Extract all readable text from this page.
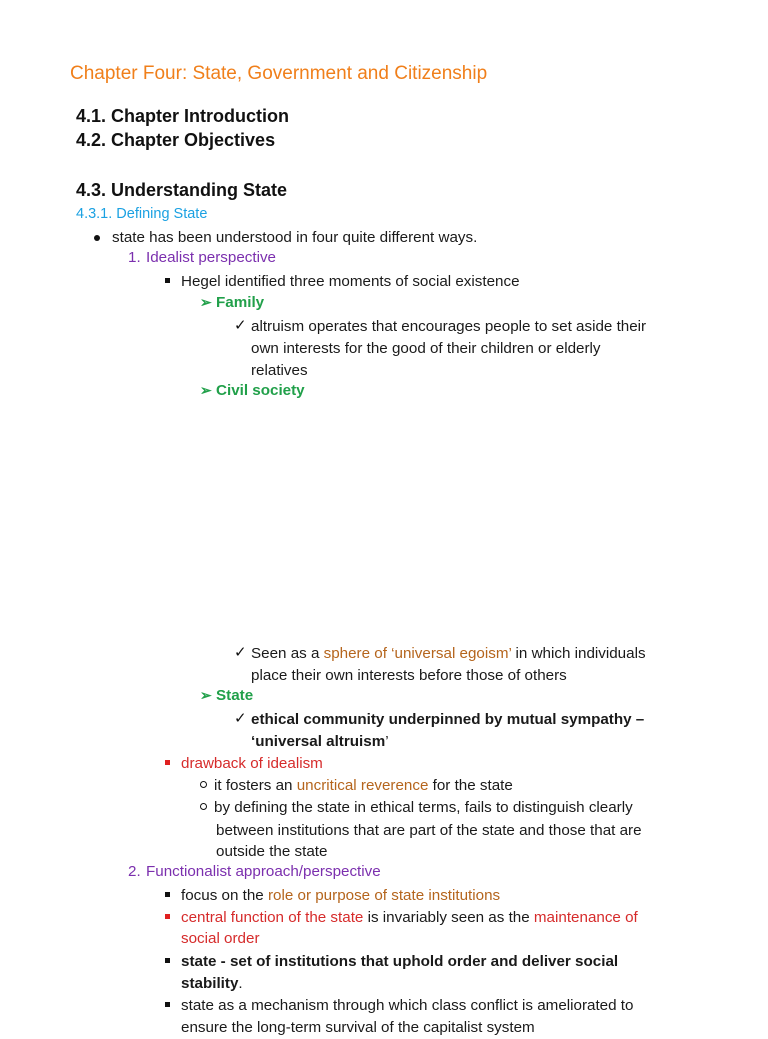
Chapter Four: State, Government and Citizenship
4.1. Chapter Introduction
4.2. Chapter Objectives
4.3. Understanding State
4.3.1. Defining State
state has been understood in four quite different ways.
1. Idealist perspective
Hegel identified three moments of social existence
➢ Family
✓ altruism operates that encourages people to set aside their
own interests for the good of their children or elderly
relatives
➢ Civil society
✓ Seen as a sphere of ‘universal egoism’ in which individuals
place their own interests before those of others
➢ State
✓ ethical community underpinned by mutual sympathy –
‘universal altruism’
drawback of idealism
it fosters an uncritical reverence for the state
by defining the state in ethical terms, fails to distinguish clearly
between institutions that are part of the state and those that are
outside the state
2. Functionalist approach/perspective
focus on the role or purpose of state institutions
central function of the state is invariably seen as the maintenance of
social order
state - set of institutions that uphold order and deliver social
stability.
state as a mechanism through which class conflict is ameliorated to
ensure the long-term survival of the capitalist system
